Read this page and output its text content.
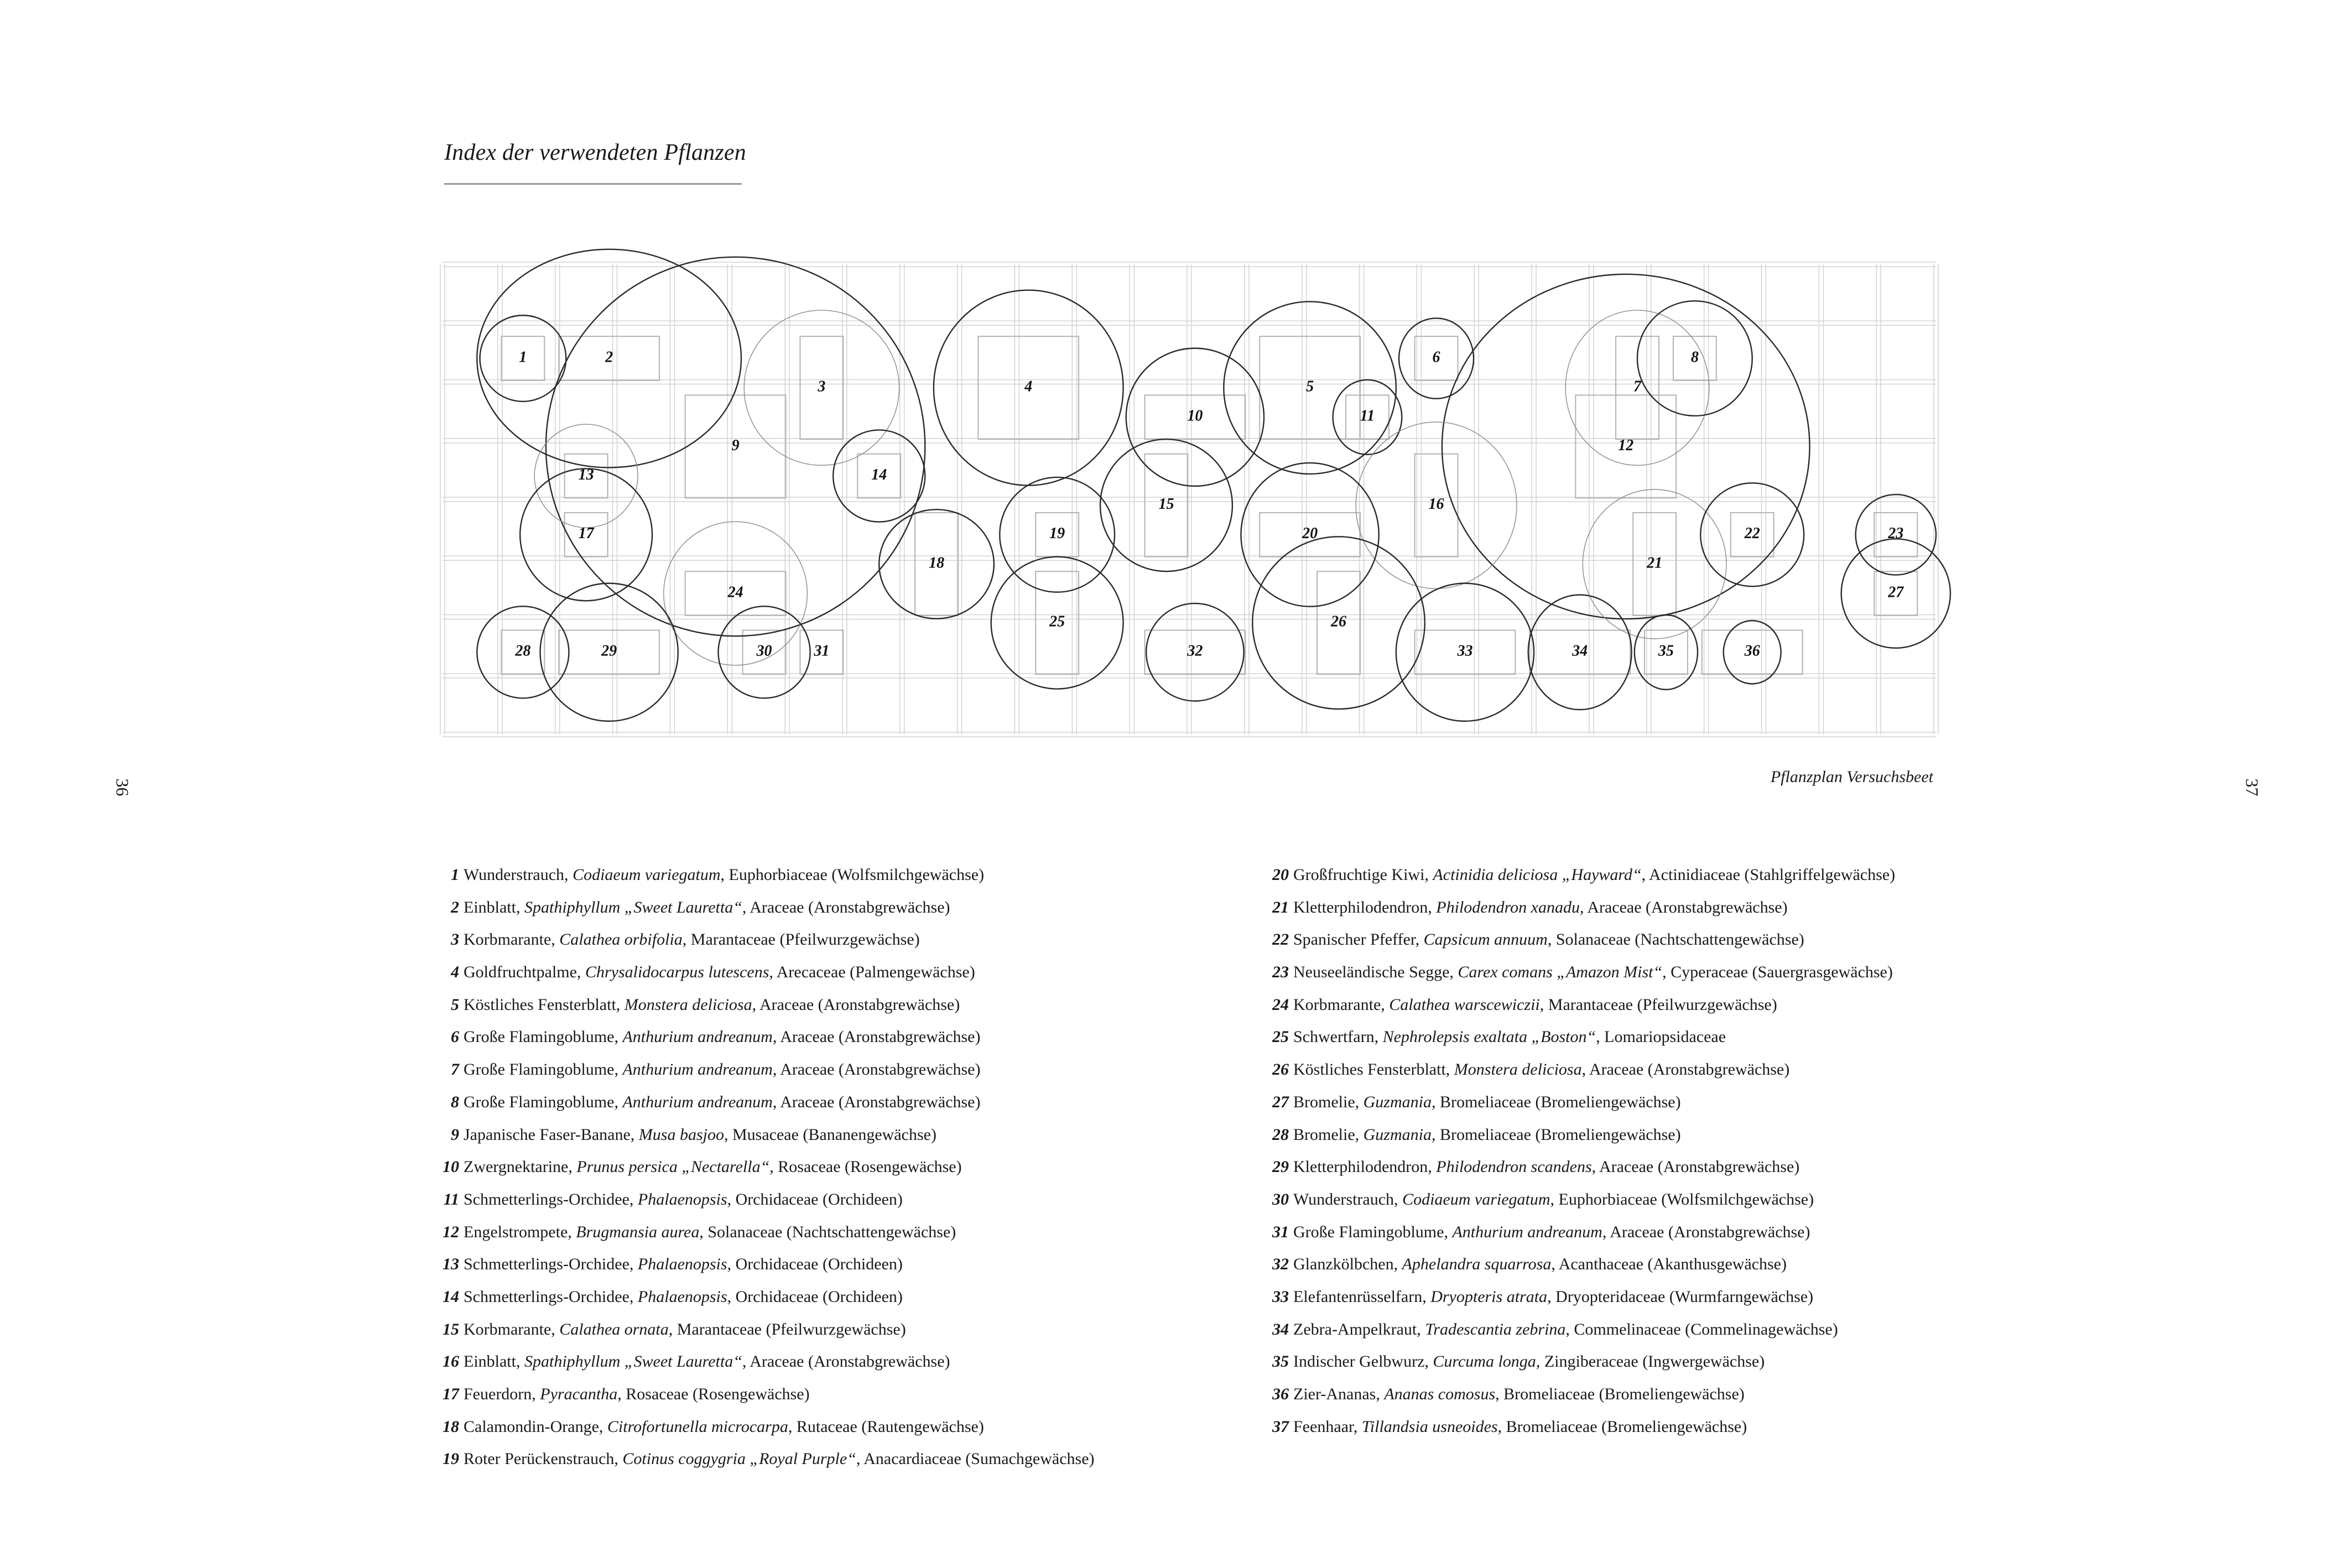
Index der verwendeten Pflanzen
1	2
3	4	5
6
7
8
9
10	11
12
13	14
15	16
17
18
19	20
21
22	23
24
25	26
27
28	29	30	31	32	33	34	35	36
Pflanzplan Versuchsbeet
36	37
1 Wunderstrauch, Codiaeum variegatum, Euphorbiaceae (Wolfsmilchgewächse)
2 Einblatt, Spathiphyllum „Sweet Lauretta“, Araceae (Aronstabgrewächse)
3 Korbmarante, Calathea orbifolia, Marantaceae (Pfeilwurzgewächse)
4 Goldfruchtpalme, Chrysalidocarpus lutescens, Arecaceae (Palmengewächse)
5 Köstliches Fensterblatt, Monstera deliciosa, Araceae (Aronstabgrewächse)
6 Große Flamingoblume, Anthurium andreanum, Araceae (Aronstabgrewächse)
7 Große Flamingoblume, Anthurium andreanum, Araceae (Aronstabgrewächse)
8 Große Flamingoblume, Anthurium andreanum, Araceae (Aronstabgrewächse)
9 Japanische Faser-Banane, Musa basjoo, Musaceae (Bananengewächse)
10 Zwergnektarine, Prunus persica „Nectarella“, Rosaceae (Rosengewächse)
11 Schmetterlings-Orchidee, Phalaenopsis, Orchidaceae (Orchideen)
12 Engelstrompete, Brugmansia aurea, Solanaceae (Nachtschattengewächse)
13 Schmetterlings-Orchidee, Phalaenopsis, Orchidaceae (Orchideen)
14 Schmetterlings-Orchidee, Phalaenopsis, Orchidaceae (Orchideen)
15 Korbmarante, Calathea ornata, Marantaceae (Pfeilwurzgewächse)
16 Einblatt, Spathiphyllum „Sweet Lauretta“, Araceae (Aronstabgrewächse)
17 Feuerdorn, Pyracantha, Rosaceae (Rosengewächse)
18 Calamondin-Orange, Citrofortunella microcarpa, Rutaceae (Rautengewächse)
19 Roter Perückenstrauch, Cotinus coggygria „Royal Purple“, Anacardiaceae (Sumachgewächse)
20 Großfruchtige Kiwi, Actinidia deliciosa „Hayward“, Actinidiaceae (Stahlgriffelgewächse)
21 Kletterphilodendron, Philodendron xanadu, Araceae (Aronstabgrewächse)
22 Spanischer Pfeffer, Capsicum annuum, Solanaceae (Nachtschattengewächse)
23 Neuseeländische Segge, Carex comans „Amazon Mist“, Cyperaceae (Sauergrasgewächse)
24 Korbmarante, Calathea warscewiczii, Marantaceae (Pfeilwurzgewächse)
25 Schwertfarn, Nephrolepsis exaltata „Boston“, Lomariopsidaceae
26 Köstliches Fensterblatt, Monstera deliciosa, Araceae (Aronstabgrewächse)
27 Bromelie, Guzmania, Bromeliaceae (Bromeliengewächse)
28 Bromelie, Guzmania, Bromeliaceae (Bromeliengewächse)
29 Kletterphilodendron, Philodendron scandens, Araceae (Aronstabgrewächse)
30 Wunderstrauch, Codiaeum variegatum, Euphorbiaceae (Wolfsmilchgewächse)
31 Große Flamingoblume, Anthurium andreanum, Araceae (Aronstabgrewächse)
32 Glanzkölbchen, Aphelandra squarrosa, Acanthaceae (Akanthusgewächse)
33 Elefantenrüsselfarn, Dryopteris atrata, Dryopteridaceae (Wurmfarngewächse)
34 Zebra-Ampelkraut, Tradescantia zebrina, Commelinaceae (Commelinagewächse)
35 Indischer Gelbwurz, Curcuma longa, Zingiberaceae (Ingwergewächse)
36 Zier-Ananas, Ananas comosus, Bromeliaceae (Bromeliengewächse)
37 Feenhaar, Tillandsia usneoides, Bromeliaceae (Bromeliengewächse)
